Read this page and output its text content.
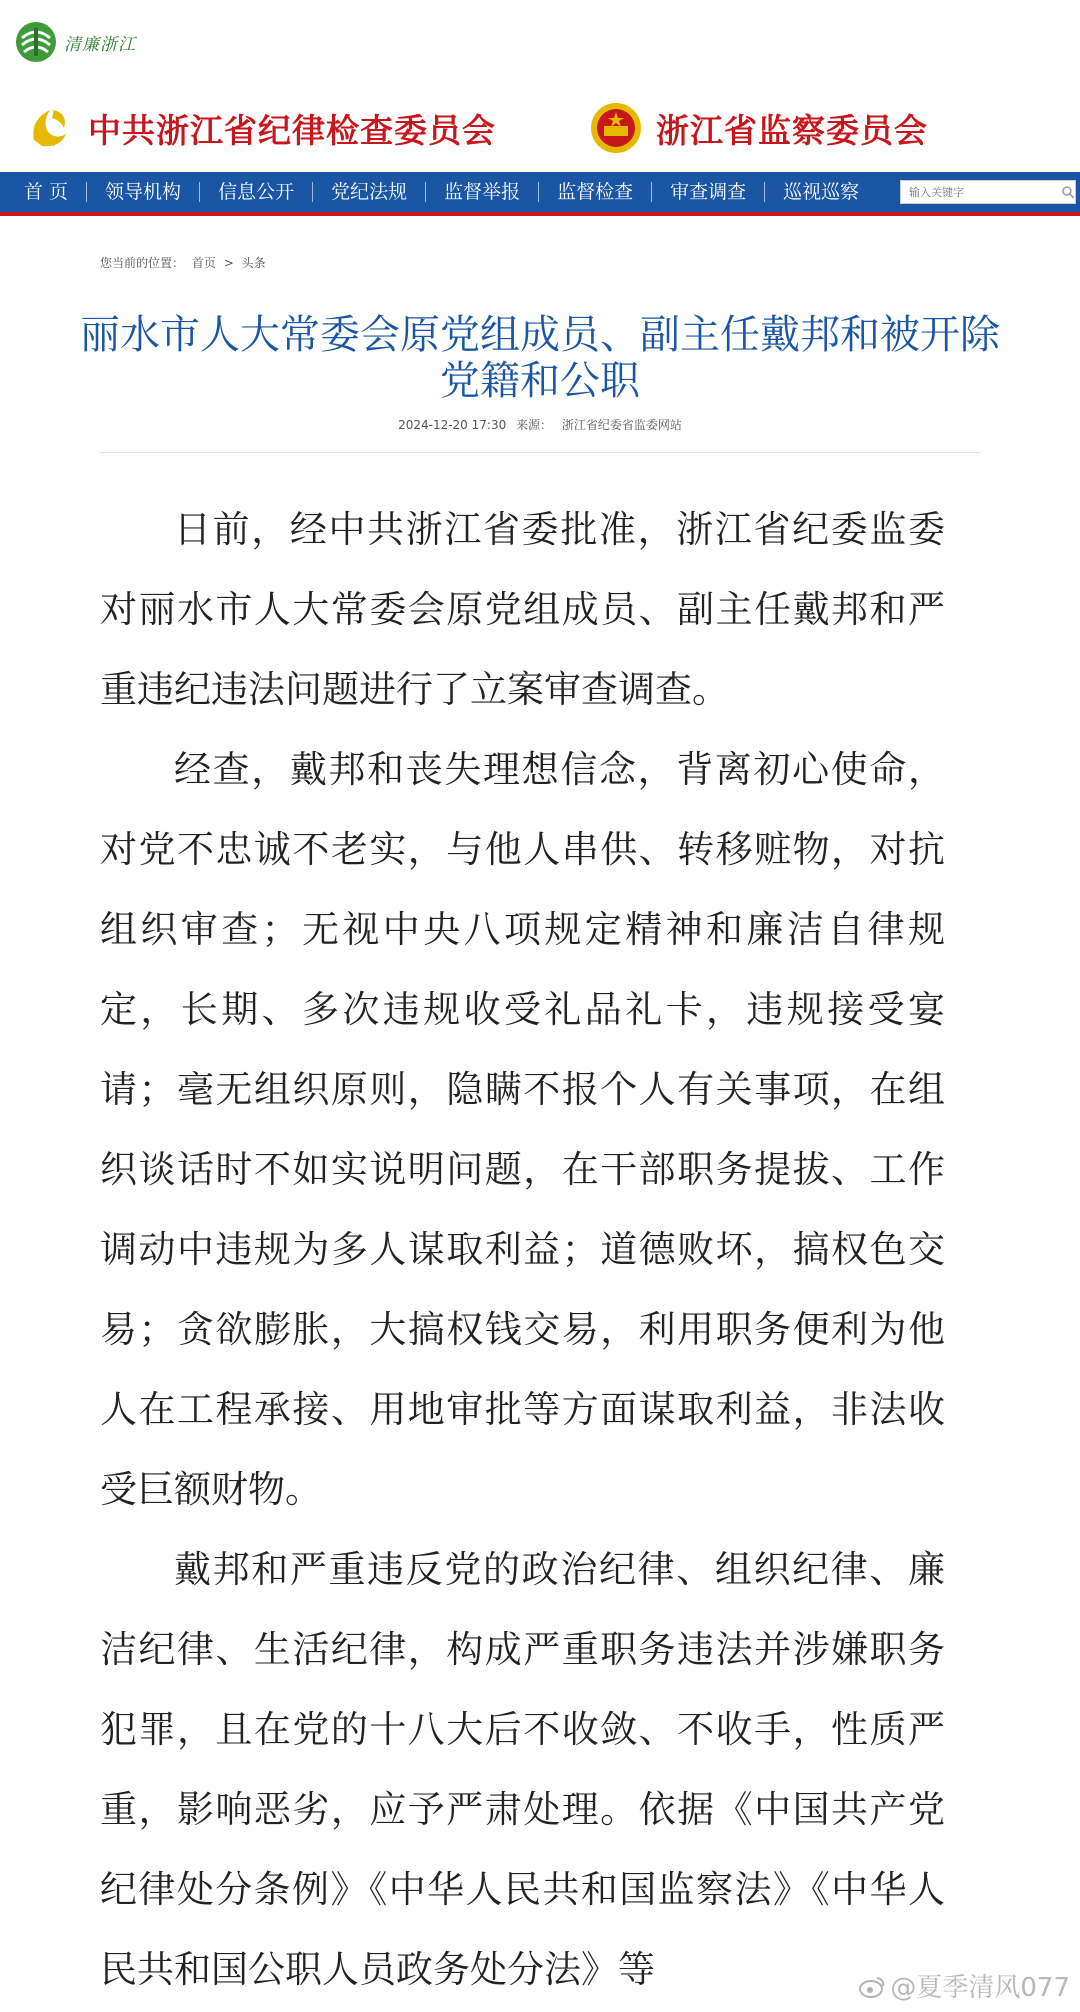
清廉浙江
中共浙江省纪律检查委员会	浙江省监察委员会
首 页	领导机构	信息公开	党纪法规	监督举报	监督检查	审查调查	巡视巡察
输入关键字
您当前的位置： 首页 > 头条
丽水市人大常委会原党组成员、副主任戴邦和被开除党籍和公职
2024-12-20 17:30 来源： 浙江省纪委省监委网站

日前，经中共浙江省委批准，浙江省纪委监委对丽水市人大常委会原党组成员、副主任戴邦和严重违纪违法问题进行了立案审查调查。

经查，戴邦和丧失理想信念，背离初心使命，对党不忠诚不老实，与他人串供、转移赃物，对抗组织审查；无视中央八项规定精神和廉洁自律规定，长期、多次违规收受礼品礼卡，违规接受宴请；毫无组织原则，隐瞒不报个人有关事项，在组织谈话时不如实说明问题，在干部职务提拔、工作调动中违规为多人谋取利益；道德败坏，搞权色交易；贪欲膨胀，大搞权钱交易，利用职务便利为他人在工程承接、用地审批等方面谋取利益，非法收受巨额财物。

戴邦和严重违反党的政治纪律、组织纪律、廉洁纪律、生活纪律，构成严重职务违法并涉嫌职务犯罪，且在党的十八大后不收敛、不收手，性质严重，影响恶劣，应予严肃处理。依据《中国共产党纪律处分条例》《中华人民共和国监察法》《中华人民共和国公职人员政务处分法》等	@夏季清风077
